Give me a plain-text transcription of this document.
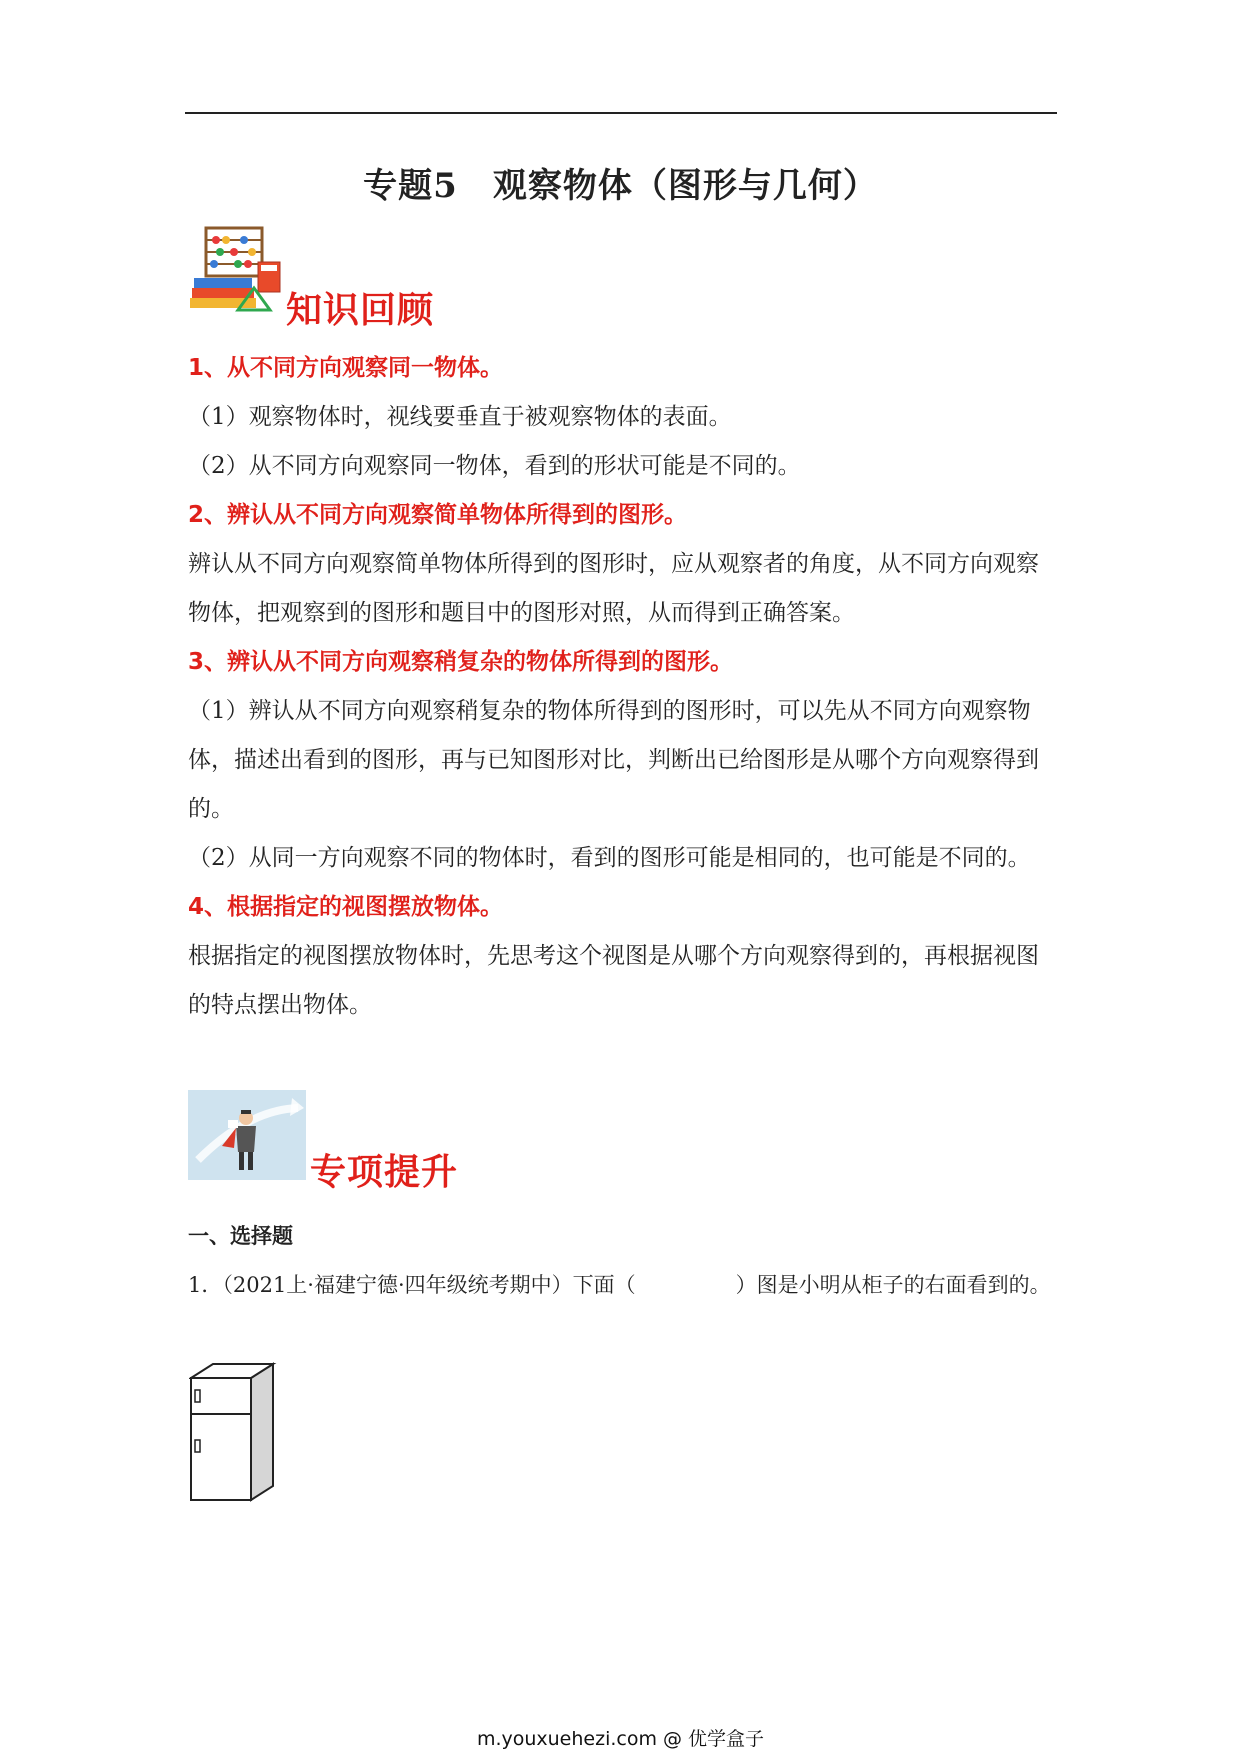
专题5　观察物体（图形与几何）
知识回顾

1、从不同方向观察同一物体。

（1）观察物体时，视线要垂直于被观察物体的表面。

（2）从不同方向观察同一物体，看到的形状可能是不同的。

2、辨认从不同方向观察简单物体所得到的图形。

辨认从不同方向观察简单物体所得到的图形时，应从观察者的角度，从不同方向观察物体，把观察到的图形和题目中的图形对照，从而得到正确答案。

3、辨认从不同方向观察稍复杂的物体所得到的图形。

（1）辨认从不同方向观察稍复杂的物体所得到的图形时，可以先从不同方向观察物体，描述出看到的图形，再与已知图形对比，判断出已给图形是从哪个方向观察得到的。

（2）从同一方向观察不同的物体时，看到的图形可能是相同的，也可能是不同的。

4、根据指定的视图摆放物体。

根据指定的视图摆放物体时，先思考这个视图是从哪个方向观察得到的，再根据视图的特点摆出物体。

专项提升

一、选择题

1．（2021上·福建宁德·四年级统考期中）下面（	）图是小明从柜子的右面看到的。

m.youxuehezi.com @ 优学盒子
